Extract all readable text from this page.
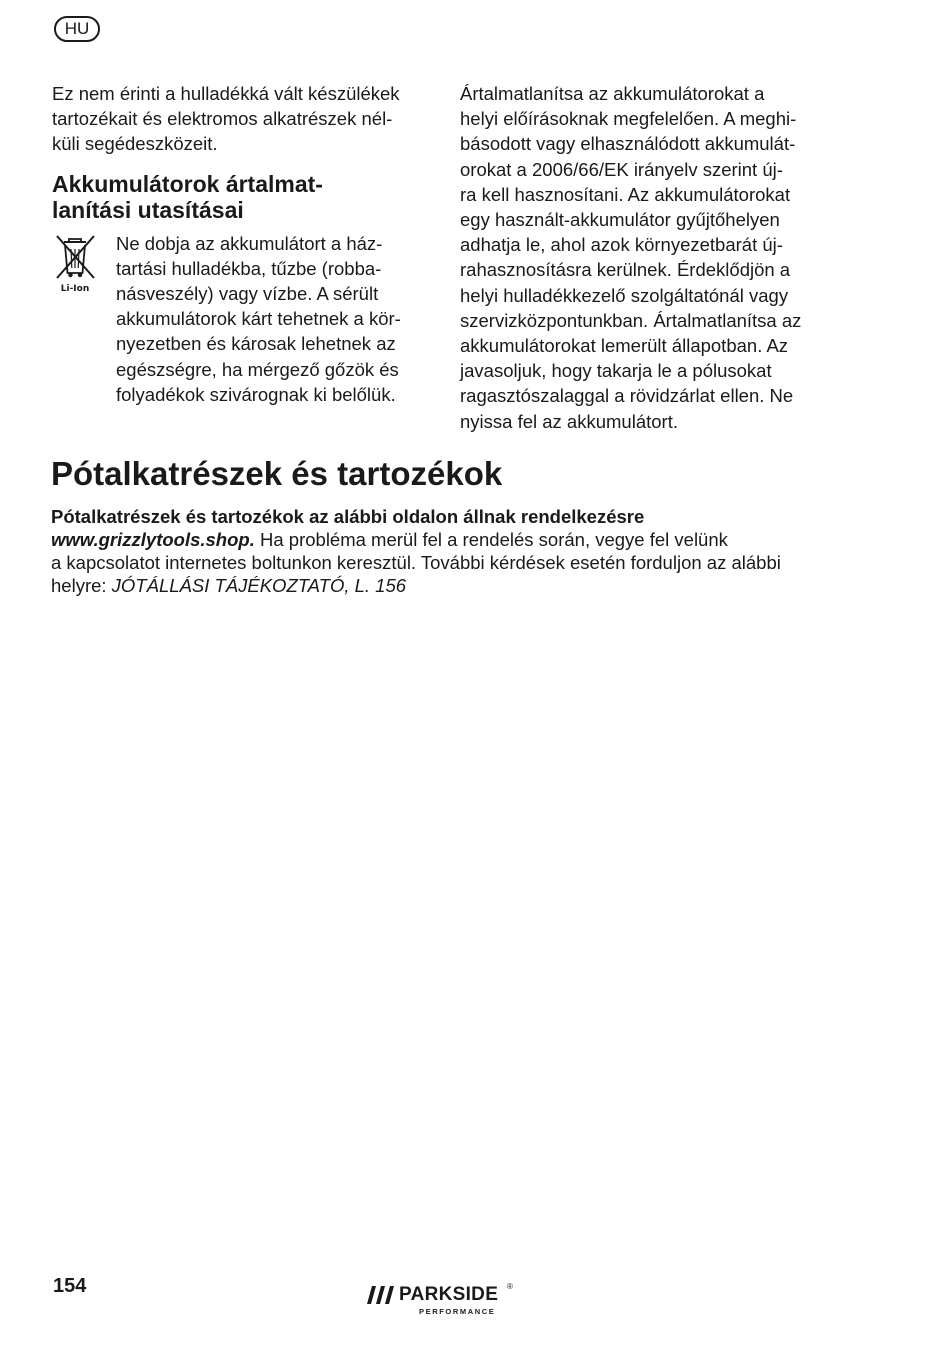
HU

Ez nem érinti a hulladékká vált készülékek
tartozékait és elektromos alkatrészek nél-
küli segédeszközeit.

Akkumulátorok ártalmat-
lanítási utasításai
Li-Ion

Ne dobja az akkumulátort a ház-
tartási hulladékba, tűzbe (robba-
násveszély) vagy vízbe. A sérült
akkumulátorok kárt tehetnek a kör-
nyezetben és károsak lehetnek az
egészségre, ha mérgező gőzök és
folyadékok szivárognak ki belőlük.

Ártalmatlanítsa az akkumulátorokat a
helyi előírásoknak megfelelően. A meghi-
básodott vagy elhasználódott akkumulát-
orokat a 2006/66/EK irányelv szerint új-
ra kell hasznosítani. Az akkumulátorokat
egy használt-akkumulátor gyűjtőhelyen
adhatja le, ahol azok környezetbarát új-
rahasznosításra kerülnek. Érdeklődjön a
helyi hulladékkezelő szolgáltatónál vagy
szervizközpontunkban. Ártalmatlanítsa az
akkumulátorokat lemerült állapotban. Az
javasoljuk, hogy takarja le a pólusokat
ragasztószalaggal a rövidzárlat ellen. Ne
nyissa fel az akkumulátort.

Pótalkatrészek és tartozékok
Pótalkatrészek és tartozékok az alábbi oldalon állnak rendelkezésre
www.grizzlytools.shop. Ha probléma merül fel a rendelés során, vegye fel velünk
a kapcsolatot internetes boltunkon keresztül. További kérdések esetén forduljon az alábbi
helyre: JÓTÁLLÁSI TÁJÉKOZTATÓ, L. 156
154	PARKSIDE ®
PERFORMANCE
